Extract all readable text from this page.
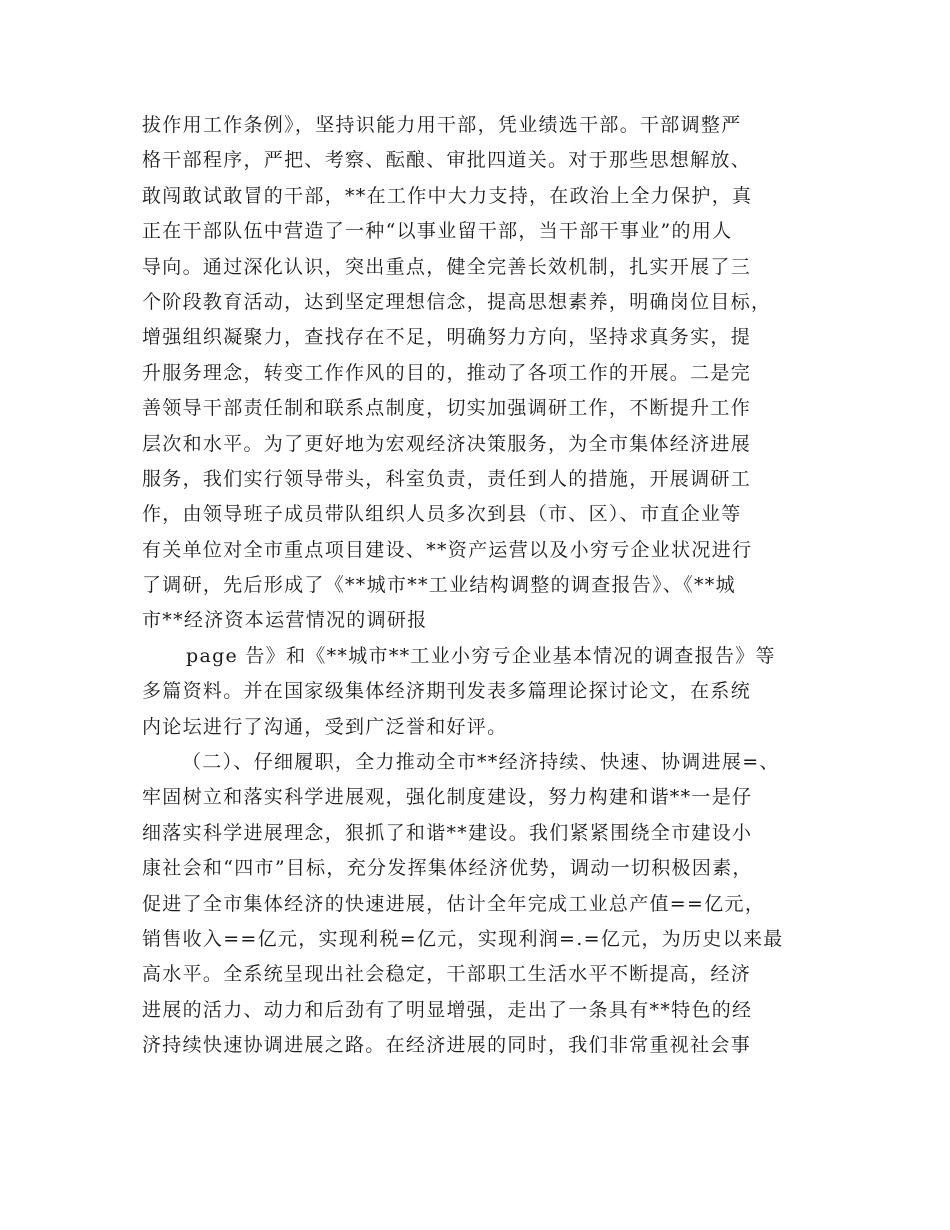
拔作用工作条例》，坚持识能力用干部，凭业绩选干部。干部调整严
格干部程序，严把、考察、酝酿、审批四道关。对于那些思想解放、
敢闯敢试敢冒的干部，**在工作中大力支持，在政治上全力保护，真
正在干部队伍中营造了一种“以事业留干部，当干部干事业”的用人
导向。通过深化认识，突出重点，健全完善长效机制，扎实开展了三
个阶段教育活动，达到坚定理想信念，提高思想素养，明确岗位目标，
增强组织凝聚力，查找存在不足，明确努力方向，坚持求真务实，提
升服务理念，转变工作作风的目的，推动了各项工作的开展。二是完
善领导干部责任制和联系点制度，切实加强调研工作，不断提升工作
层次和水平。为了更好地为宏观经济决策服务，为全市集体经济进展
服务，我们实行领导带头，科室负责，责任到人的措施，开展调研工
作，由领导班子成员带队组织人员多次到县（市、区）、市直企业等
有关单位对全市重点项目建设、**资产运营以及小穷亏企业状况进行
了调研，先后形成了《**城市**工业结构调整的调查报告》、《**城
市**经济资本运营情况的调研报
page 告》和《**城市**工业小穷亏企业基本情况的调查报告》等
多篇资料。并在国家级集体经济期刊发表多篇理论探讨论文，在系统
内论坛进行了沟通，受到广泛誉和好评。
（二）、仔细履职，全力推动全市**经济持续、快速、协调进展=、
牢固树立和落实科学进展观，强化制度建设，努力构建和谐**一是仔
细落实科学进展理念，狠抓了和谐**建设。我们紧紧围绕全市建设小
康社会和“四市”目标，充分发挥集体经济优势，调动一切积极因素，
促进了全市集体经济的快速进展，估计全年完成工业总产值==亿元，
销售收入==亿元，实现利税=亿元，实现利润=.=亿元，为历史以来最
高水平。全系统呈现出社会稳定，干部职工生活水平不断提高，经济
进展的活力、动力和后劲有了明显增强，走出了一条具有**特色的经
济持续快速协调进展之路。在经济进展的同时，我们非常重视社会事
